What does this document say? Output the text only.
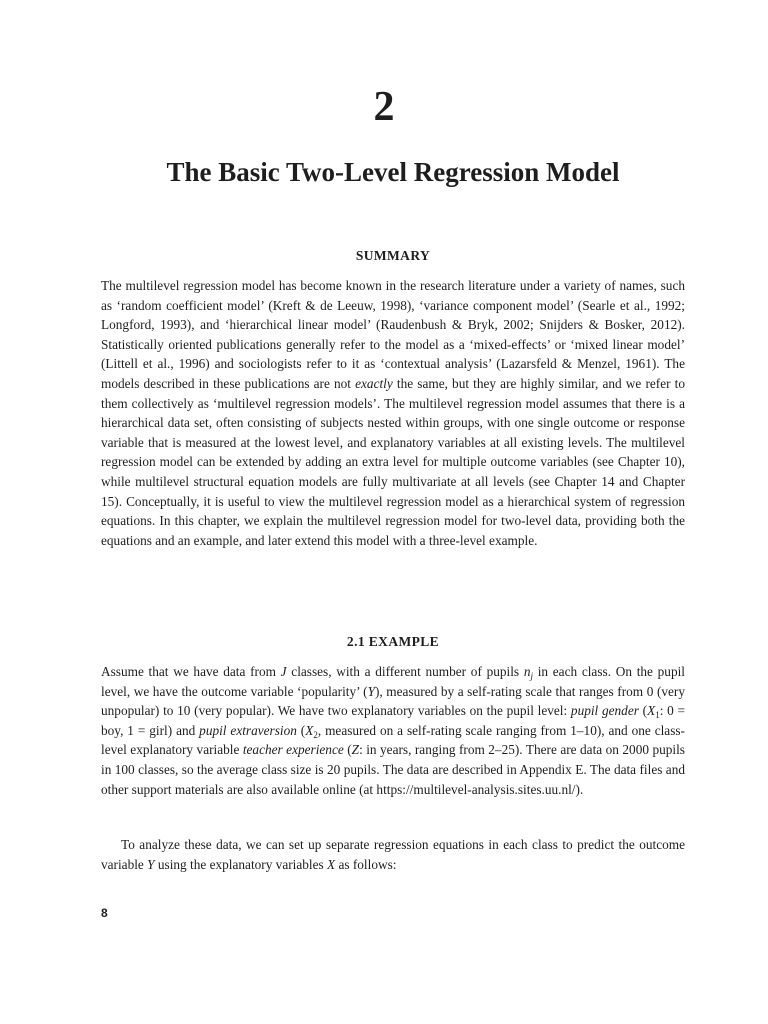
2
The Basic Two-Level Regression Model
SUMMARY

The multilevel regression model has become known in the research literature under a variety of names, such as ‘random coefficient model’ (Kreft & de Leeuw, 1998), ‘variance component model’ (Searle et al., 1992; Longford, 1993), and ‘hierarchical linear model’ (Raudenbush & Bryk, 2002; Snijders & Bosker, 2012). Statistically oriented publications generally refer to the model as a ‘mixed-effects’ or ‘mixed linear model’ (Littell et al., 1996) and sociologists refer to it as ‘contextual analysis’ (Lazarsfeld & Menzel, 1961). The models described in these publications are not exactly the same, but they are highly similar, and we refer to them collectively as ‘multilevel regression models’. The multilevel regression model assumes that there is a hierarchical data set, often consisting of subjects nested within groups, with one single outcome or response variable that is measured at the lowest level, and explanatory variables at all existing levels. The multilevel regression model can be extended by adding an extra level for multiple outcome variables (see Chapter 10), while multilevel structural equation models are fully multivariate at all levels (see Chapter 14 and Chapter 15). Conceptually, it is useful to view the multilevel regression model as a hierarchical system of regression equations. In this chapter, we explain the multilevel regression model for two-level data, providing both the equations and an example, and later extend this model with a three-level example.

2.1 EXAMPLE

Assume that we have data from J classes, with a different number of pupils $n_j$ in each class. On the pupil level, we have the outcome variable ‘popularity’ (Y), measured by a self-rating scale that ranges from 0 (very unpopular) to 10 (very popular). We have two explanatory variables on the pupil level: pupil gender ($X_1$: 0 = boy, 1 = girl) and pupil extraversion ($X_2$, measured on a self-rating scale ranging from 1–10), and one class-level explanatory variable teacher experience (Z: in years, ranging from 2–25). There are data on 2000 pupils in 100 classes, so the average class size is 20 pupils. The data are described in Appendix E. The data files and other support materials are also available online (at https://multilevel-analysis.sites.uu.nl/).

To analyze these data, we can set up separate regression equations in each class to predict the outcome variable Y using the explanatory variables X as follows:

8
